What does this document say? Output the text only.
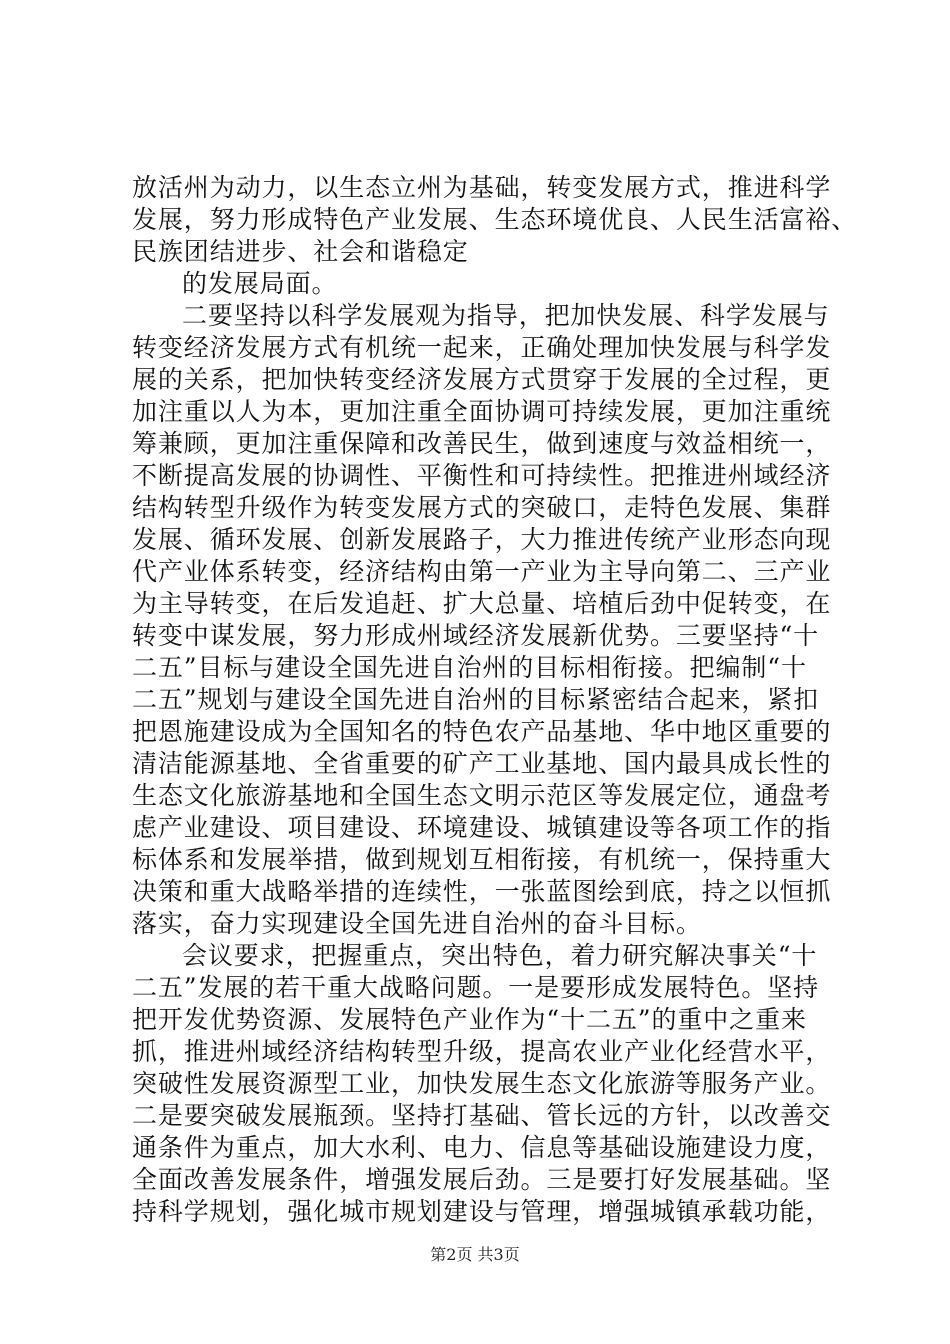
放活州为动力，以生态立州为基础，转变发展方式，推进科学
发展，努力形成特色产业发展、生态环境优良、人民生活富裕、
民族团结进步、社会和谐稳定
的发展局面。
二要坚持以科学发展观为指导，把加快发展、科学发展与
转变经济发展方式有机统一起来，正确处理加快发展与科学发
展的关系，把加快转变经济发展方式贯穿于发展的全过程，更
加注重以人为本，更加注重全面协调可持续发展，更加注重统
筹兼顾，更加注重保障和改善民生，做到速度与效益相统一，
不断提高发展的协调性、平衡性和可持续性。把推进州域经济
结构转型升级作为转变发展方式的突破口，走特色发展、集群
发展、循环发展、创新发展路子，大力推进传统产业形态向现
代产业体系转变，经济结构由第一产业为主导向第二、三产业
为主导转变，在后发追赶、扩大总量、培植后劲中促转变，在
转变中谋发展，努力形成州域经济发展新优势。三要坚持“十
二五”目标与建设全国先进自治州的目标相衔接。把编制“十
二五”规划与建设全国先进自治州的目标紧密结合起来，紧扣
把恩施建设成为全国知名的特色农产品基地、华中地区重要的
清洁能源基地、全省重要的矿产工业基地、国内最具成长性的
生态文化旅游基地和全国生态文明示范区等发展定位，通盘考
虑产业建设、项目建设、环境建设、城镇建设等各项工作的指
标体系和发展举措，做到规划互相衔接，有机统一，保持重大
决策和重大战略举措的连续性，一张蓝图绘到底，持之以恒抓
落实，奋力实现建设全国先进自治州的奋斗目标。
会议要求，把握重点，突出特色，着力研究解决事关“十
二五”发展的若干重大战略问题。一是要形成发展特色。坚持
把开发优势资源、发展特色产业作为“十二五”的重中之重来
抓，推进州域经济结构转型升级，提高农业产业化经营水平，
突破性发展资源型工业，加快发展生态文化旅游等服务产业。
二是要突破发展瓶颈。坚持打基础、管长远的方针，以改善交
通条件为重点，加大水利、电力、信息等基础设施建设力度，
全面改善发展条件，增强发展后劲。三是要打好发展基础。坚
持科学规划，强化城市规划建设与管理，增强城镇承载功能，
第2页 共3页
